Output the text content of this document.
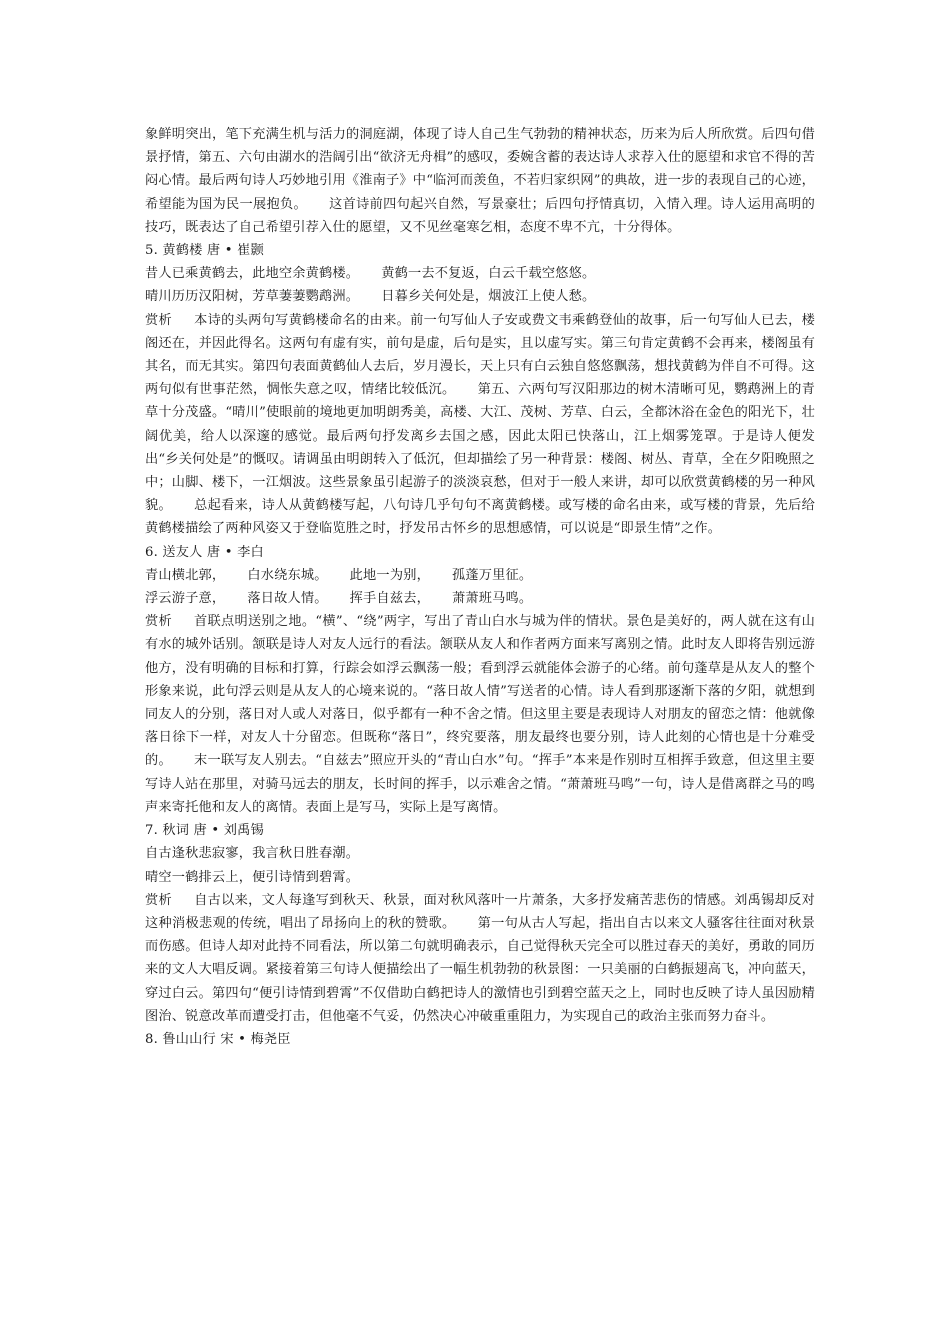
象鲜明突出，笔下充满生机与活力的洞庭湖，体现了诗人自己生气勃勃的精神状态，历来为后人所欣赏。后四句借景抒情，第五、六句由湖水的浩阔引出“欲济无舟楫”的感叹，委婉含蓄的表达诗人求荐入仕的愿望和求官不得的苦闷心情。最后两句诗人巧妙地引用《淮南子》中“临河而羡鱼，不若归家织网”的典故，进一步的表现自己的心迹，希望能为国为民一展抱负。 这首诗前四句起兴自然，写景豪壮；后四句抒情真切，入情入理。诗人运用高明的技巧，既表达了自己希望引荐入仕的愿望，又不见丝毫寒乞相，态度不卑不亢，十分得体。

5. 黄鹤楼 唐 • 崔颢

昔人已乘黄鹤去，此地空余黄鹤楼。 黄鹤一去不复返，白云千载空悠悠。

晴川历历汉阳树，芳草萋萋鹦鹉洲。 日暮乡关何处是，烟波江上使人愁。

赏析 本诗的头两句写黄鹤楼命名的由来。前一句写仙人子安或费文韦乘鹤登仙的故事，后一句写仙人已去，楼阁还在，并因此得名。这两句有虚有实，前句是虚，后句是实，且以虚写实。第三句肯定黄鹤不会再来，楼阁虽有其名，而无其实。第四句表面黄鹤仙人去后，岁月漫长，天上只有白云独自悠悠飘荡，想找黄鹤为伴自不可得。这两句似有世事茫然，惆怅失意之叹，情绪比较低沉。 第五、六两句写汉阳那边的树木清晰可见，鹦鹉洲上的青草十分茂盛。“晴川”使眼前的境地更加明朗秀美，高楼、大江、茂树、芳草、白云，全都沐浴在金色的阳光下，壮阔优美，给人以深邃的感觉。最后两句抒发离乡去国之感，因此太阳已快落山，江上烟雾笼罩。于是诗人便发出“乡关何处是”的慨叹。请调虽由明朗转入了低沉，但却描绘了另一种背景：楼阁、树丛、青草，全在夕阳晚照之中；山脚、楼下，一江烟波。这些景象虽引起游子的淡淡哀愁，但对于一般人来讲，却可以欣赏黄鹤楼的另一种风貌。 总起看来，诗人从黄鹤楼写起，八句诗几乎句句不离黄鹤楼。或写楼的命名由来，或写楼的背景，先后给黄鹤楼描绘了两种风姿又于登临览胜之时，抒发吊古怀乡的思想感情，可以说是“即景生情”之作。

6. 送友人 唐 • 李白

青山横北郭， 白水绕东城。 此地一为别， 孤蓬万里征。

浮云游子意， 落日故人情。 挥手自兹去， 萧萧班马鸣。

赏析 首联点明送别之地。“横”、“绕”两字，写出了青山白水与城为伴的情状。景色是美好的，两人就在这有山有水的城外话别。颔联是诗人对友人远行的看法。颔联从友人和作者两方面来写离别之情。此时友人即将告别远游他方，没有明确的目标和打算，行踪会如浮云飘荡一般；看到浮云就能体会游子的心绪。前句蓬草是从友人的整个形象来说，此句浮云则是从友人的心境来说的。“落日故人情”写送者的心情。诗人看到那逐渐下落的夕阳，就想到同友人的分别，落日对人或人对落日，似乎都有一种不舍之情。但这里主要是表现诗人对朋友的留恋之情：他就像落日徐下一样，对友人十分留恋。但既称“落日”，终究要落，朋友最终也要分别，诗人此刻的心情也是十分难受的。 末一联写友人别去。“自兹去”照应开头的“青山白水”句。“挥手”本来是作别时互相挥手致意，但这里主要写诗人站在那里，对骑马远去的朋友，长时间的挥手，以示难舍之情。“萧萧班马鸣”一句，诗人是借离群之马的鸣声来寄托他和友人的离情。表面上是写马，实际上是写离情。

7. 秋词 唐 • 刘禹锡

自古逢秋悲寂寥，我言秋日胜春潮。

晴空一鹤排云上，便引诗情到碧霄。

赏析 自古以来，文人每逢写到秋天、秋景，面对秋风落叶一片萧条，大多抒发痛苦悲伤的情感。刘禹锡却反对这种消极悲观的传统，唱出了昂扬向上的秋的赞歌。 第一句从古人写起，指出自古以来文人骚客往往面对秋景而伤感。但诗人却对此持不同看法，所以第二句就明确表示，自己觉得秋天完全可以胜过春天的美好，勇敢的同历来的文人大唱反调。紧接着第三句诗人便描绘出了一幅生机勃勃的秋景图：一只美丽的白鹤振翅高飞，冲向蓝天，穿过白云。第四句“便引诗情到碧霄”不仅借助白鹤把诗人的激情也引到碧空蓝天之上，同时也反映了诗人虽因励精图治、锐意改革而遭受打击，但他毫不气妥，仍然决心冲破重重阻力，为实现自己的政治主张而努力奋斗。

8. 鲁山山行 宋 • 梅尧臣
